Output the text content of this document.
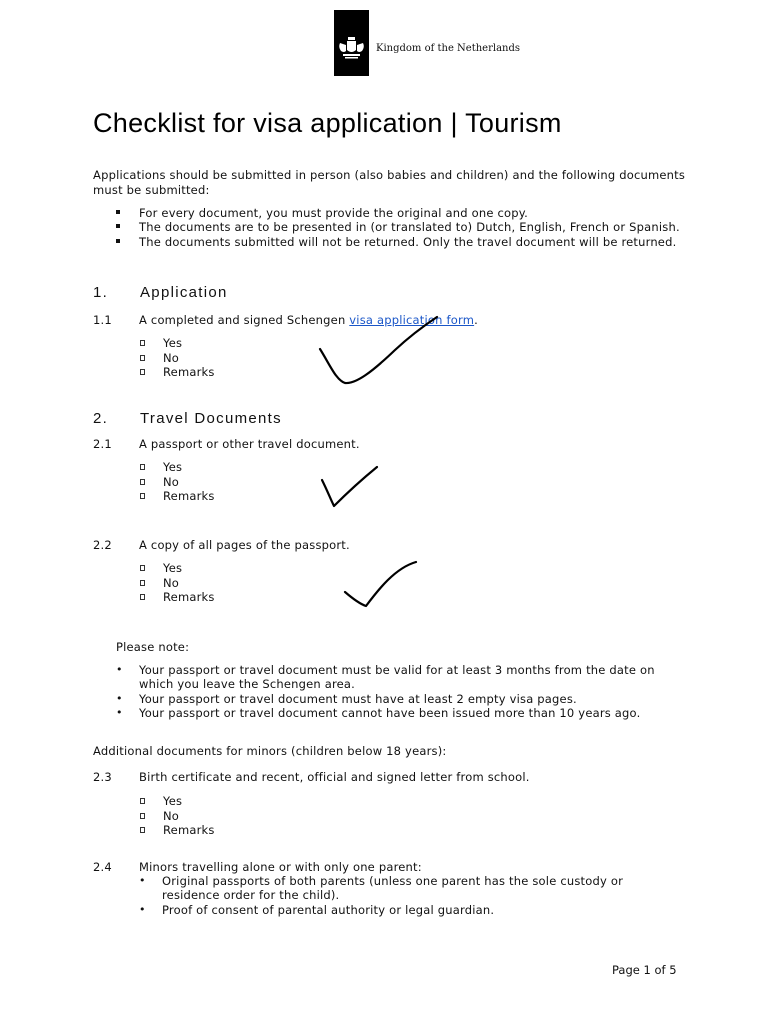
Kingdom of the Netherlands
Checklist for visa application | Tourism
Applications should be submitted in person (also babies and children) and the following documents must be submitted:
For every document, you must provide the original and one copy.
The documents are to be presented in (or translated to) Dutch, English, French or Spanish.
The documents submitted will not be returned. Only the travel document will be returned.
1. Application
1.1 A completed and signed Schengen visa application form.
Yes
No
Remarks
2. Travel Documents
2.1 A passport or other travel document.
Yes
No
Remarks
2.2 A copy of all pages of the passport.
Yes
No
Remarks
Please note:
• Your passport or travel document must be valid for at least 3 months from the date on which you leave the Schengen area.
• Your passport or travel document must have at least 2 empty visa pages.
• Your passport or travel document cannot have been issued more than 10 years ago.
Additional documents for minors (children below 18 years):
2.3 Birth certificate and recent, official and signed letter from school.
Yes
No
Remarks
2.4 Minors travelling alone or with only one parent:
• Original passports of both parents (unless one parent has the sole custody or residence order for the child).
• Proof of consent of parental authority or legal guardian.
Page 1 of 5
